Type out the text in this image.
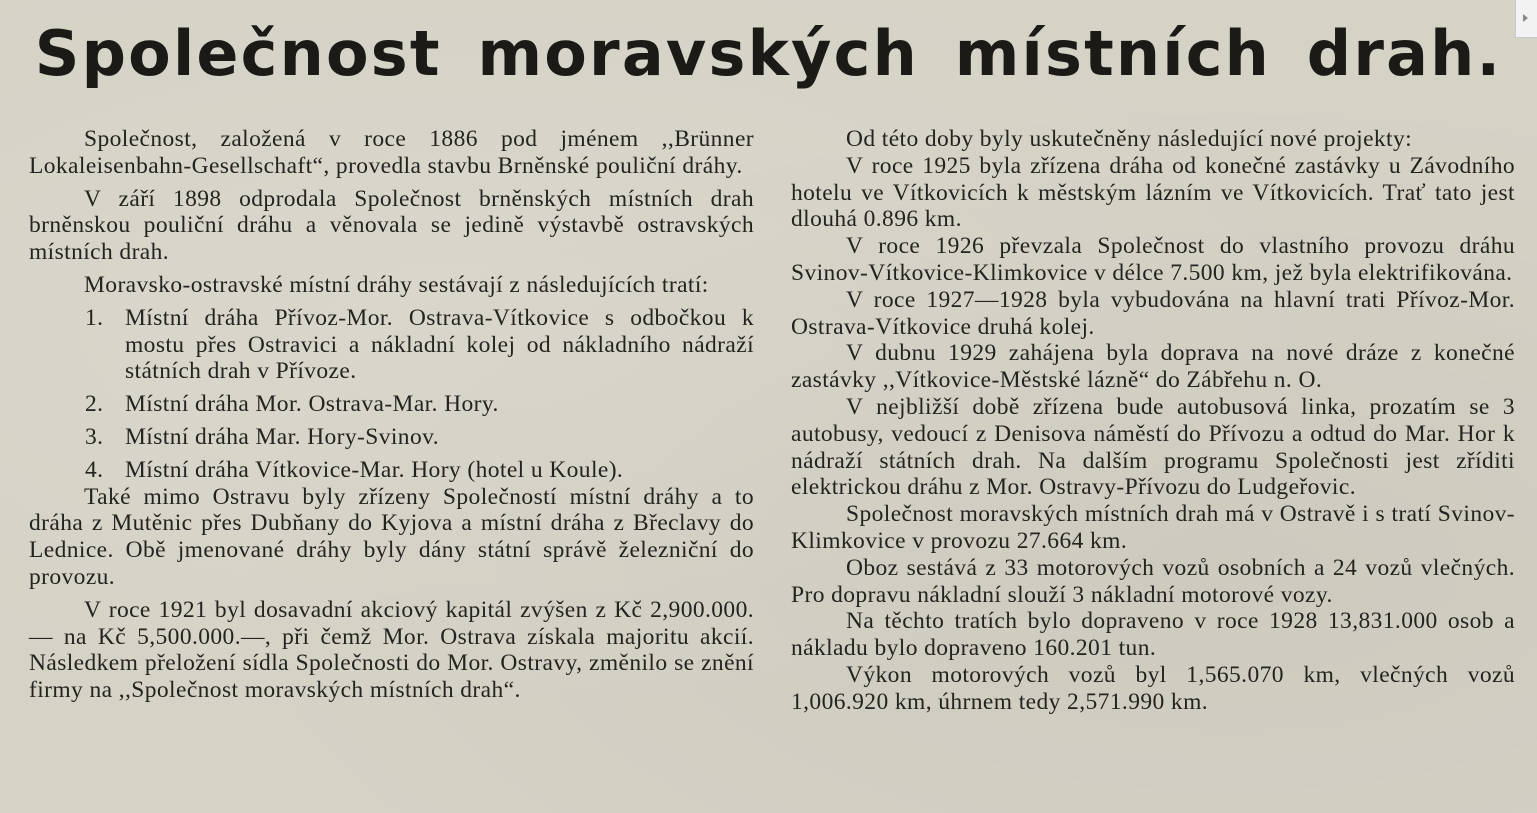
Společnost moravských místních drah.

Společnost, založená v roce 1886 pod jménem ,,Brünner Lokaleisenbahn-Gesellschaft“, provedla stavbu Brněnské pouliční dráhy.

V září 1898 odprodala Společnost brněnských místních drah brněnskou pouliční dráhu a věnovala se jedině výstavbě ostravských místních drah.

Moravsko-ostravské místní dráhy sestávají z následujících tratí:

1. Místní dráha Přívoz-Mor. Ostrava-Vítkovice s odbočkou k mostu přes Ostravici a nákladní kolej od nákladního nádraží státních drah v Přívoze.
2. Místní dráha Mor. Ostrava-Mar. Hory.
3. Místní dráha Mar. Hory-Svinov.
4. Místní dráha Vítkovice-Mar. Hory (hotel u Koule).

Také mimo Ostravu byly zřízeny Společností místní dráhy a to dráha z Mutěnic přes Dubňany do Kyjova a místní dráha z Břeclavy do Lednice. Obě jmenované dráhy byly dány státní správě železniční do provozu.

V roce 1921 byl dosavadní akciový kapitál zvýšen z Kč 2,900.000.— na Kč 5,500.000.—, při čemž Mor. Ostrava získala majoritu akcií. Následkem přeložení sídla Společnosti do Mor. Ostravy, změnilo se znění firmy na ,,Společnost moravských místních drah“.

Od této doby byly uskutečněny následující nové projekty:

V roce 1925 byla zřízena dráha od konečné zastávky u Závodního hotelu ve Vítkovicích k městským lázním ve Vítkovicích. Trať tato jest dlouhá 0.896 km.

V roce 1926 převzala Společnost do vlastního provozu dráhu Svinov-Vítkovice-Klimkovice v délce 7.500 km, jež byla elektrifikována.

V roce 1927—1928 byla vybudována na hlavní trati Přívoz-Mor. Ostrava-Vítkovice druhá kolej.

V dubnu 1929 zahájena byla doprava na nové dráze z konečné zastávky ,,Vítkovice-Městské lázně“ do Zábřehu n. O.

V nejbližší době zřízena bude autobusová linka, prozatím se 3 autobusy, vedoucí z Denisova náměstí do Přívozu a odtud do Mar. Hor k nádraží státních drah. Na dalším programu Společnosti jest zříditi elektrickou dráhu z Mor. Ostravy-Přívozu do Ludgeřovic.

Společnost moravských místních drah má v Ostravě i s tratí Svinov-Klimkovice v provozu 27.664 km.

Oboz sestává z 33 motorových vozů osobních a 24 vozů vlečných. Pro dopravu nákladní slouží 3 nákladní motorové vozy.

Na těchto tratích bylo dopraveno v roce 1928 13,831.000 osob a nákladu bylo dopraveno 160.201 tun.

Výkon motorových vozů byl 1,565.070 km, vlečných vozů 1,006.920 km, úhrnem tedy 2,571.990 km.
